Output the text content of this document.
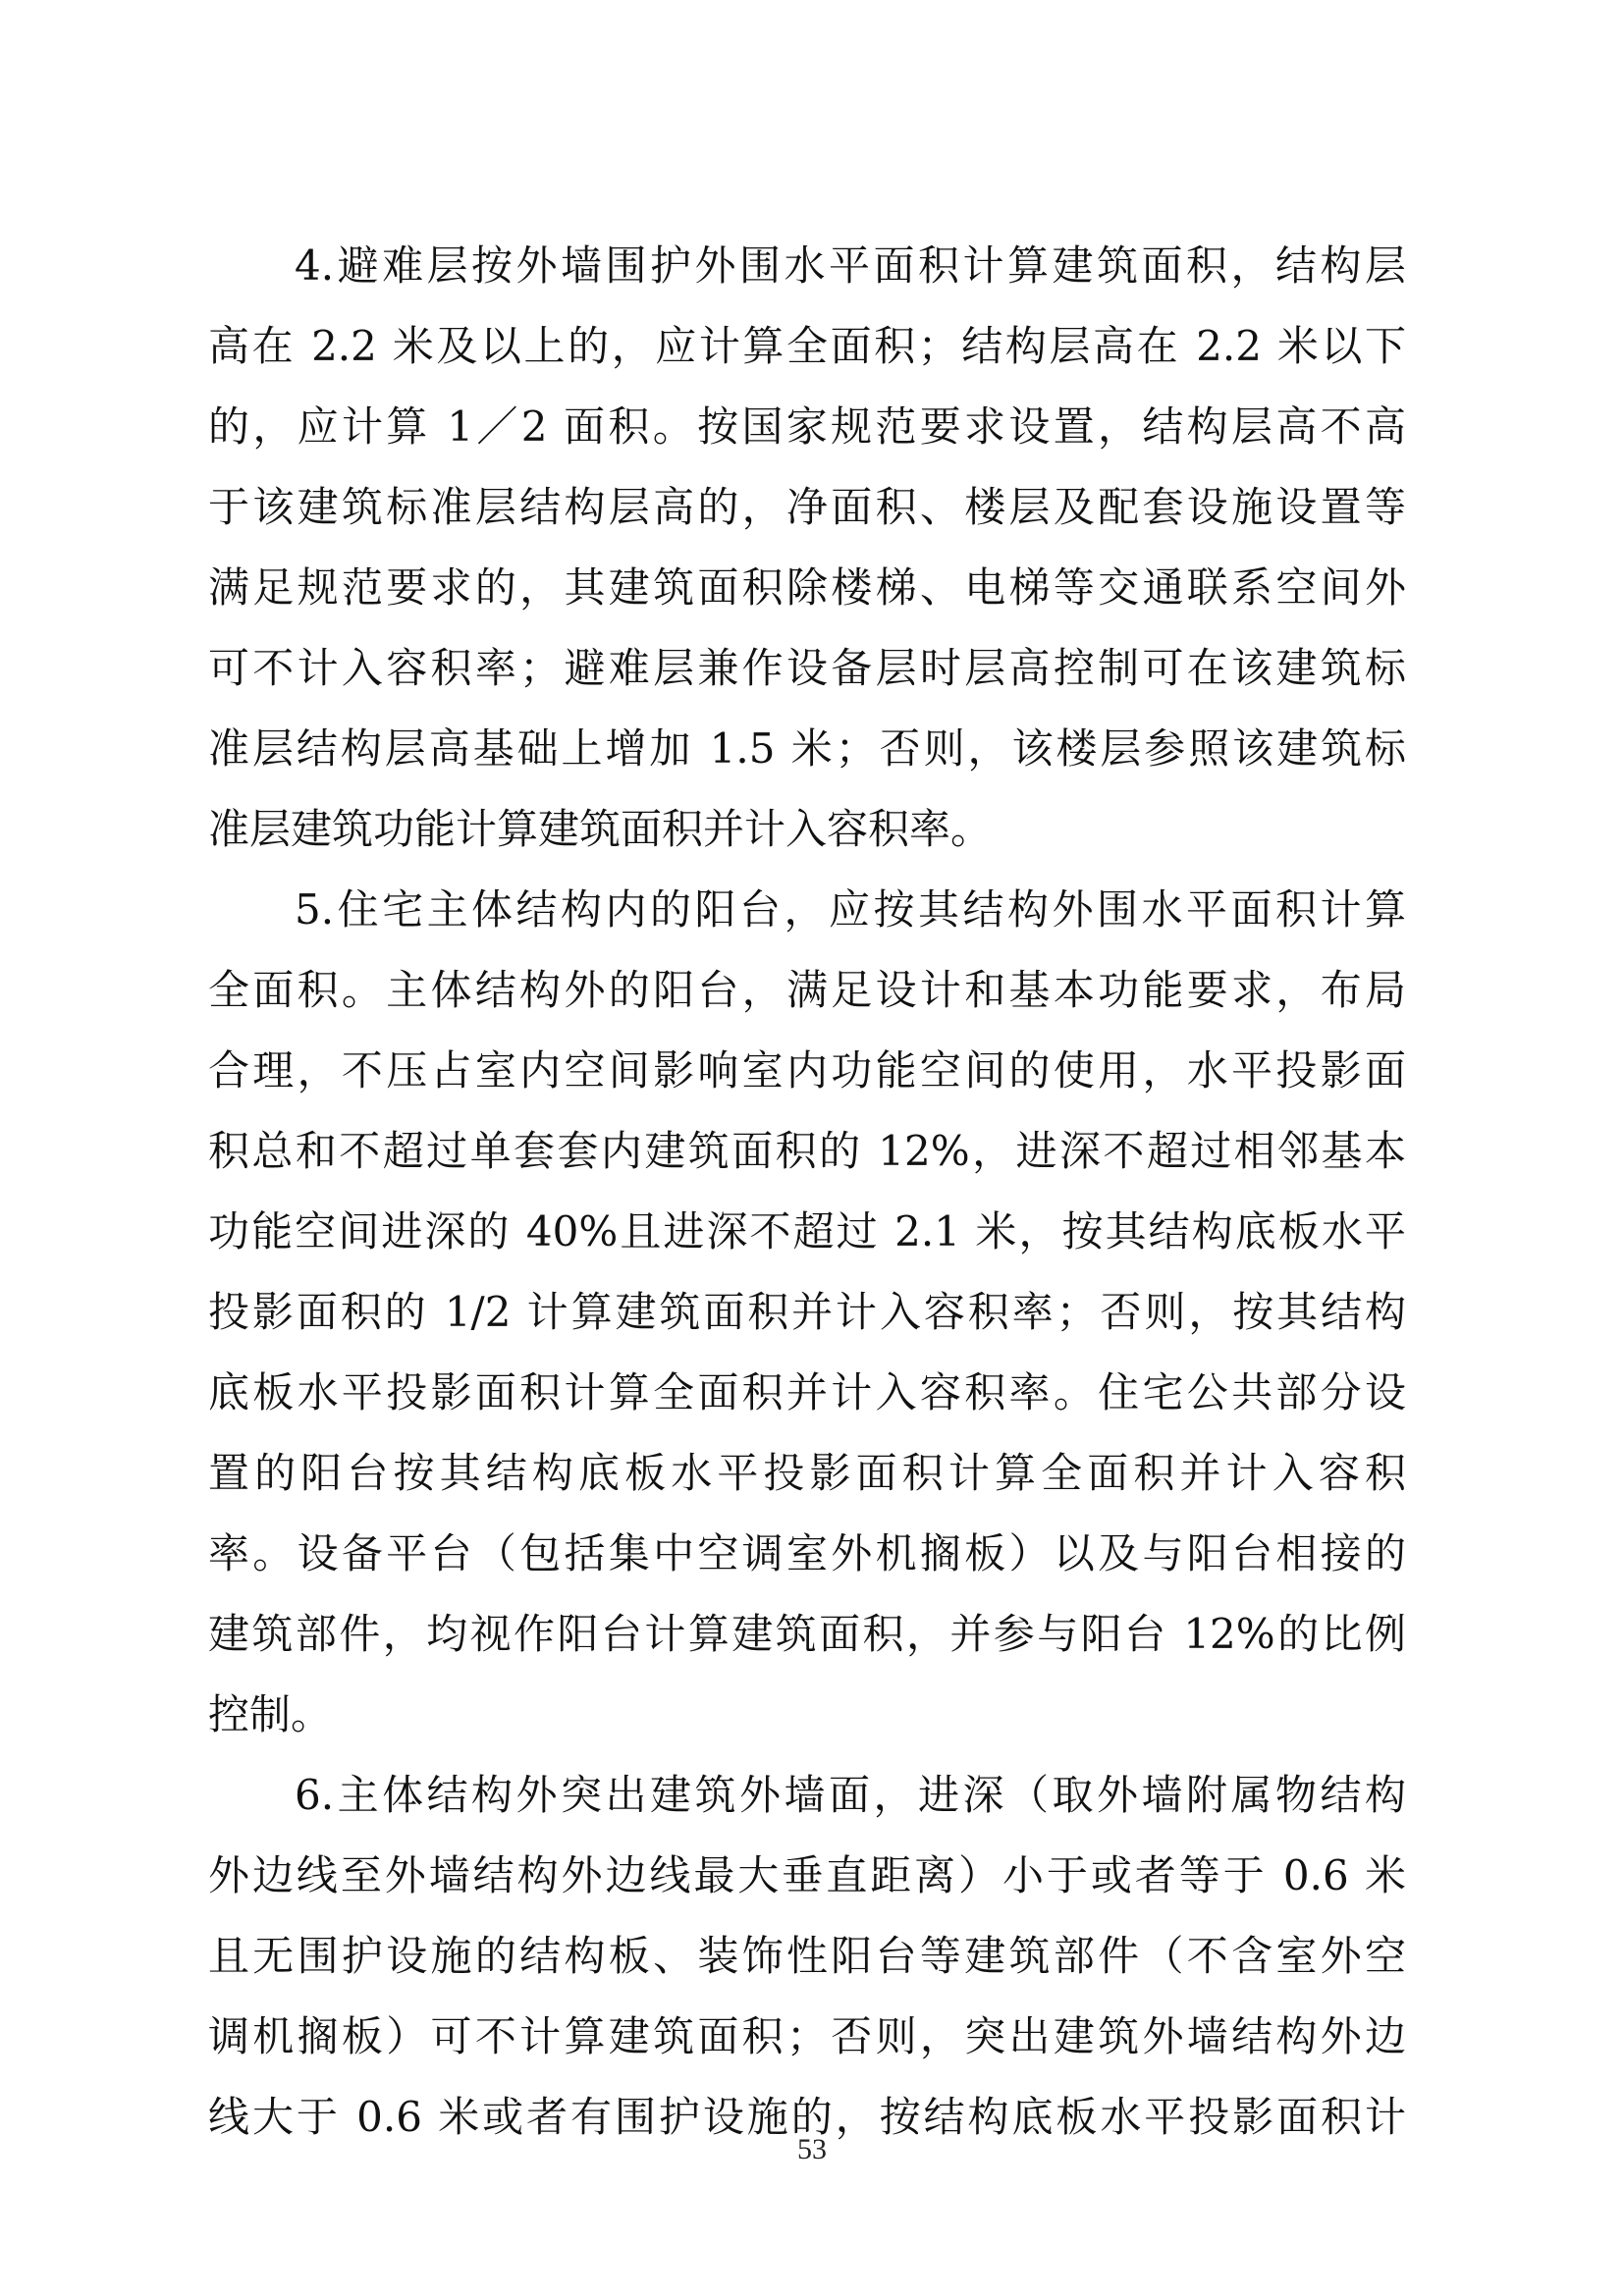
4.避难层按外墙围护外围水平面积计算建筑面积，结构层
高在 2.2 米及以上的，应计算全面积；结构层高在 2.2 米以下
的，应计算 1／2 面积。按国家规范要求设置，结构层高不高
于该建筑标准层结构层高的，净面积、楼层及配套设施设置等
满足规范要求的，其建筑面积除楼梯、电梯等交通联系空间外
可不计入容积率；避难层兼作设备层时层高控制可在该建筑标
准层结构层高基础上增加 1.5 米；否则，该楼层参照该建筑标
准层建筑功能计算建筑面积并计入容积率。
5.住宅主体结构内的阳台，应按其结构外围水平面积计算
全面积。主体结构外的阳台，满足设计和基本功能要求，布局
合理，不压占室内空间影响室内功能空间的使用，水平投影面
积总和不超过单套套内建筑面积的 12%，进深不超过相邻基本
功能空间进深的 40%且进深不超过 2.1 米，按其结构底板水平
投影面积的 1/2 计算建筑面积并计入容积率；否则，按其结构
底板水平投影面积计算全面积并计入容积率。住宅公共部分设
置的阳台按其结构底板水平投影面积计算全面积并计入容积
率。设备平台（包括集中空调室外机搁板）以及与阳台相接的
建筑部件，均视作阳台计算建筑面积，并参与阳台 12%的比例
控制。
6.主体结构外突出建筑外墙面，进深（取外墙附属物结构
外边线至外墙结构外边线最大垂直距离）小于或者等于 0.6 米
且无围护设施的结构板、装饰性阳台等建筑部件（不含室外空
调机搁板）可不计算建筑面积；否则，突出建筑外墙结构外边
线大于 0.6 米或者有围护设施的，按结构底板水平投影面积计
53
